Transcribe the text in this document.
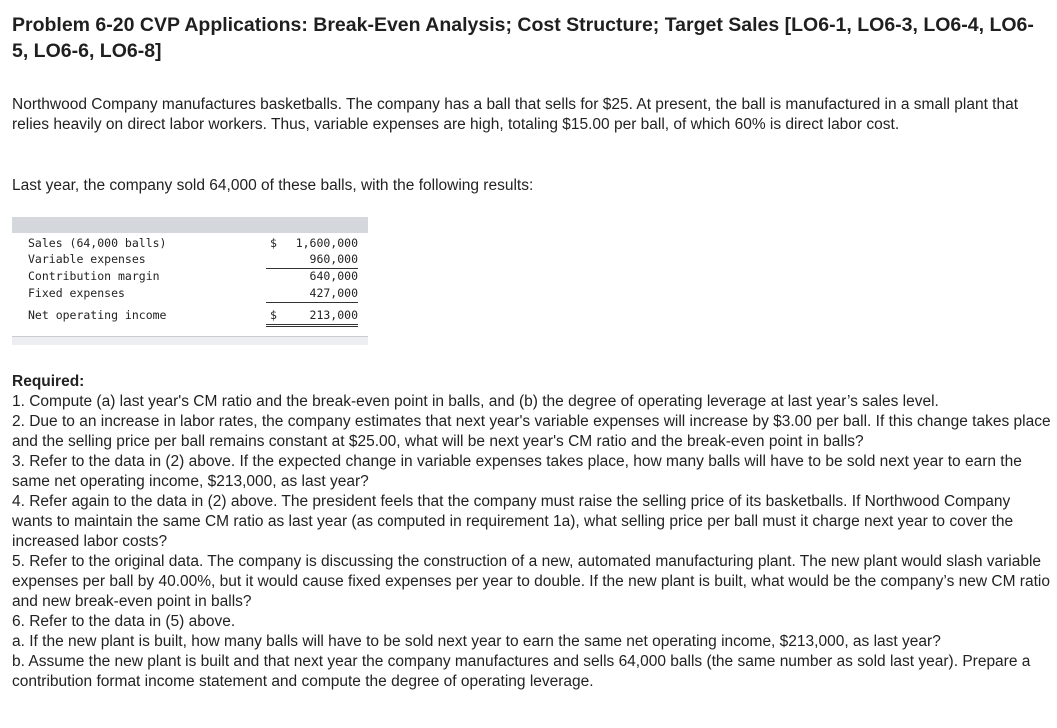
Problem 6-20 CVP Applications: Break-Even Analysis; Cost Structure; Target Sales [LO6-1, LO6-3, LO6-4, LO6-5, LO6-6, LO6-8]

Northwood Company manufactures basketballs. The company has a ball that sells for $25. At present, the ball is manufactured in a small plant that relies heavily on direct labor workers. Thus, variable expenses are high, totaling $15.00 per ball, of which 60% is direct labor cost.

Last year, the company sold 64,000 of these balls, with the following results:

Sales (64,000 balls)	$ 1,600,000
Variable expenses	960,000
Contribution margin	640,000
Fixed expenses	427,000
Net operating income	$	213,000

Required:

1. Compute (a) last year's CM ratio and the break-even point in balls, and (b) the degree of operating leverage at last year’s sales level.

2. Due to an increase in labor rates, the company estimates that next year's variable expenses will increase by $3.00 per ball. If this change takes place and the selling price per ball remains constant at $25.00, what will be next year's CM ratio and the break-even point in balls?

3. Refer to the data in (2) above. If the expected change in variable expenses takes place, how many balls will have to be sold next year to earn the same net operating income, $213,000, as last year?

4. Refer again to the data in (2) above. The president feels that the company must raise the selling price of its basketballs. If Northwood Company wants to maintain the same CM ratio as last year (as computed in requirement 1a), what selling price per ball must it charge next year to cover the increased labor costs?

5. Refer to the original data. The company is discussing the construction of a new, automated manufacturing plant. The new plant would slash variable expenses per ball by 40.00%, but it would cause fixed expenses per year to double. If the new plant is built, what would be the company’s new CM ratio and new break-even point in balls?

6. Refer to the data in (5) above.

a. If the new plant is built, how many balls will have to be sold next year to earn the same net operating income, $213,000, as last year?

b. Assume the new plant is built and that next year the company manufactures and sells 64,000 balls (the same number as sold last year). Prepare a contribution format income statement and compute the degree of operating leverage.
